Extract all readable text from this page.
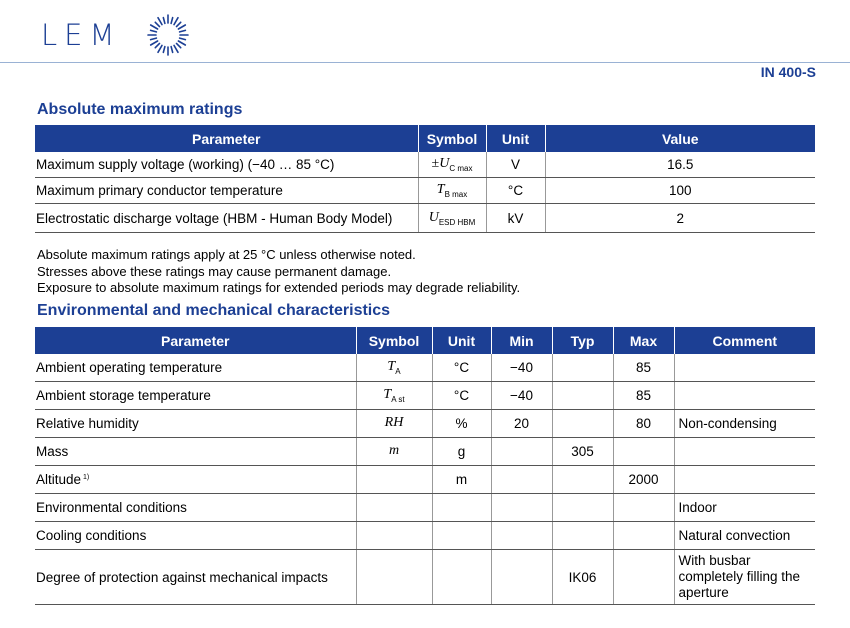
LEM
IN 400-S
Absolute maximum ratings
Parameter	Symbol	Unit	Value
Maximum supply voltage (working) (−40 … 85 °C)	$\pm U_{C max}$	V	16.5
Maximum primary conductor temperature	$T_{B max}$	°C	100
Electrostatic discharge voltage (HBM - Human Body Model)	$U_{ESD HBM}$	kV	2
Absolute maximum ratings apply at 25 °C unless otherwise noted.
Stresses above these ratings may cause permanent damage.
Exposure to absolute maximum ratings for extended periods may degrade reliability.
Environmental and mechanical characteristics
Parameter	Symbol	Unit	Min	Typ	Max	Comment
Ambient operating temperature	$T_A$	°C	−40		85	
Ambient storage temperature	$T_{A st}$	°C	−40		85	
Relative humidity	RH	%	20		80	Non-condensing
Mass	m	g		305		
Altitude $^{1)}$		m			2000	
Environmental conditions						Indoor
Cooling conditions						Natural convection
Degree of protection against mechanical impacts				IK06		With busbar completely filling the aperture
